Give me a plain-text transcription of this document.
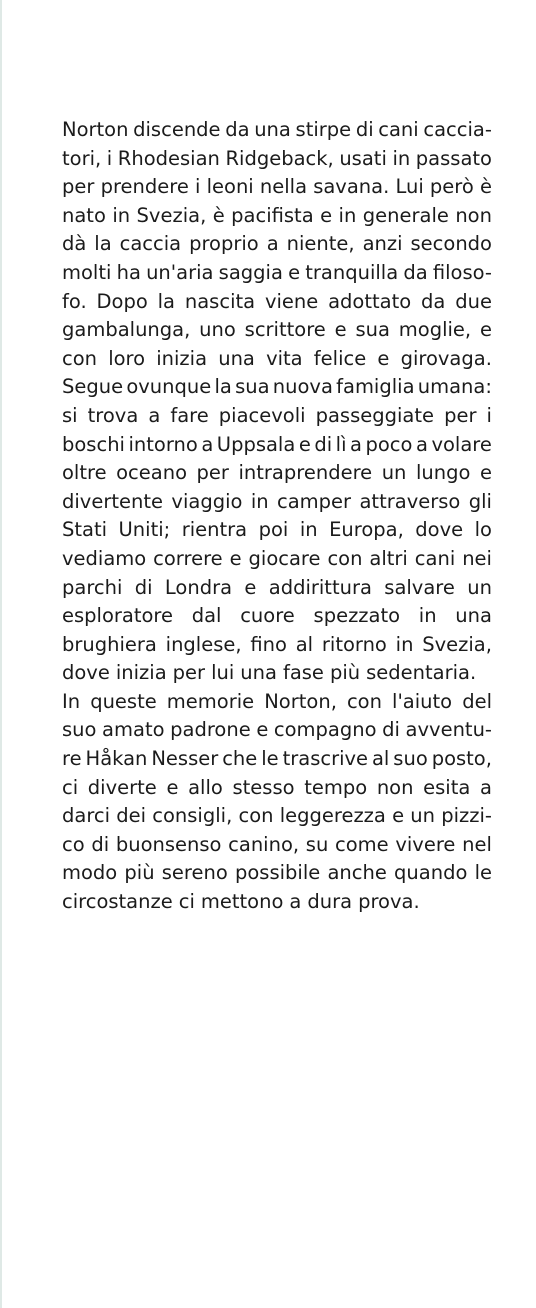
Norton discende da una stirpe di cani caccia-
tori, i Rhodesian Ridgeback, usati in passato
per prendere i leoni nella savana. Lui però è
nato in Svezia, è pacifista e in generale non
dà la caccia proprio a niente, anzi secondo
molti ha un'aria saggia e tranquilla da filoso-
fo. Dopo la nascita viene adottato da due
gambalunga, uno scrittore e sua moglie, e
con loro inizia una vita felice e girovaga.
Segue ovunque la sua nuova famiglia umana:
si trova a fare piacevoli passeggiate per i
boschi intorno a Uppsala e di lì a poco a volare
oltre oceano per intraprendere un lungo e
divertente viaggio in camper attraverso gli
Stati Uniti; rientra poi in Europa, dove lo
vediamo correre e giocare con altri cani nei
parchi di Londra e addirittura salvare un
esploratore dal cuore spezzato in una
brughiera inglese, fino al ritorno in Svezia,
dove inizia per lui una fase più sedentaria.
In queste memorie Norton, con l'aiuto del
suo amato padrone e compagno di avventu-
re Håkan Nesser che le trascrive al suo posto,
ci diverte e allo stesso tempo non esita a
darci dei consigli, con leggerezza e un pizzi-
co di buonsenso canino, su come vivere nel
modo più sereno possibile anche quando le
circostanze ci mettono a dura prova.
